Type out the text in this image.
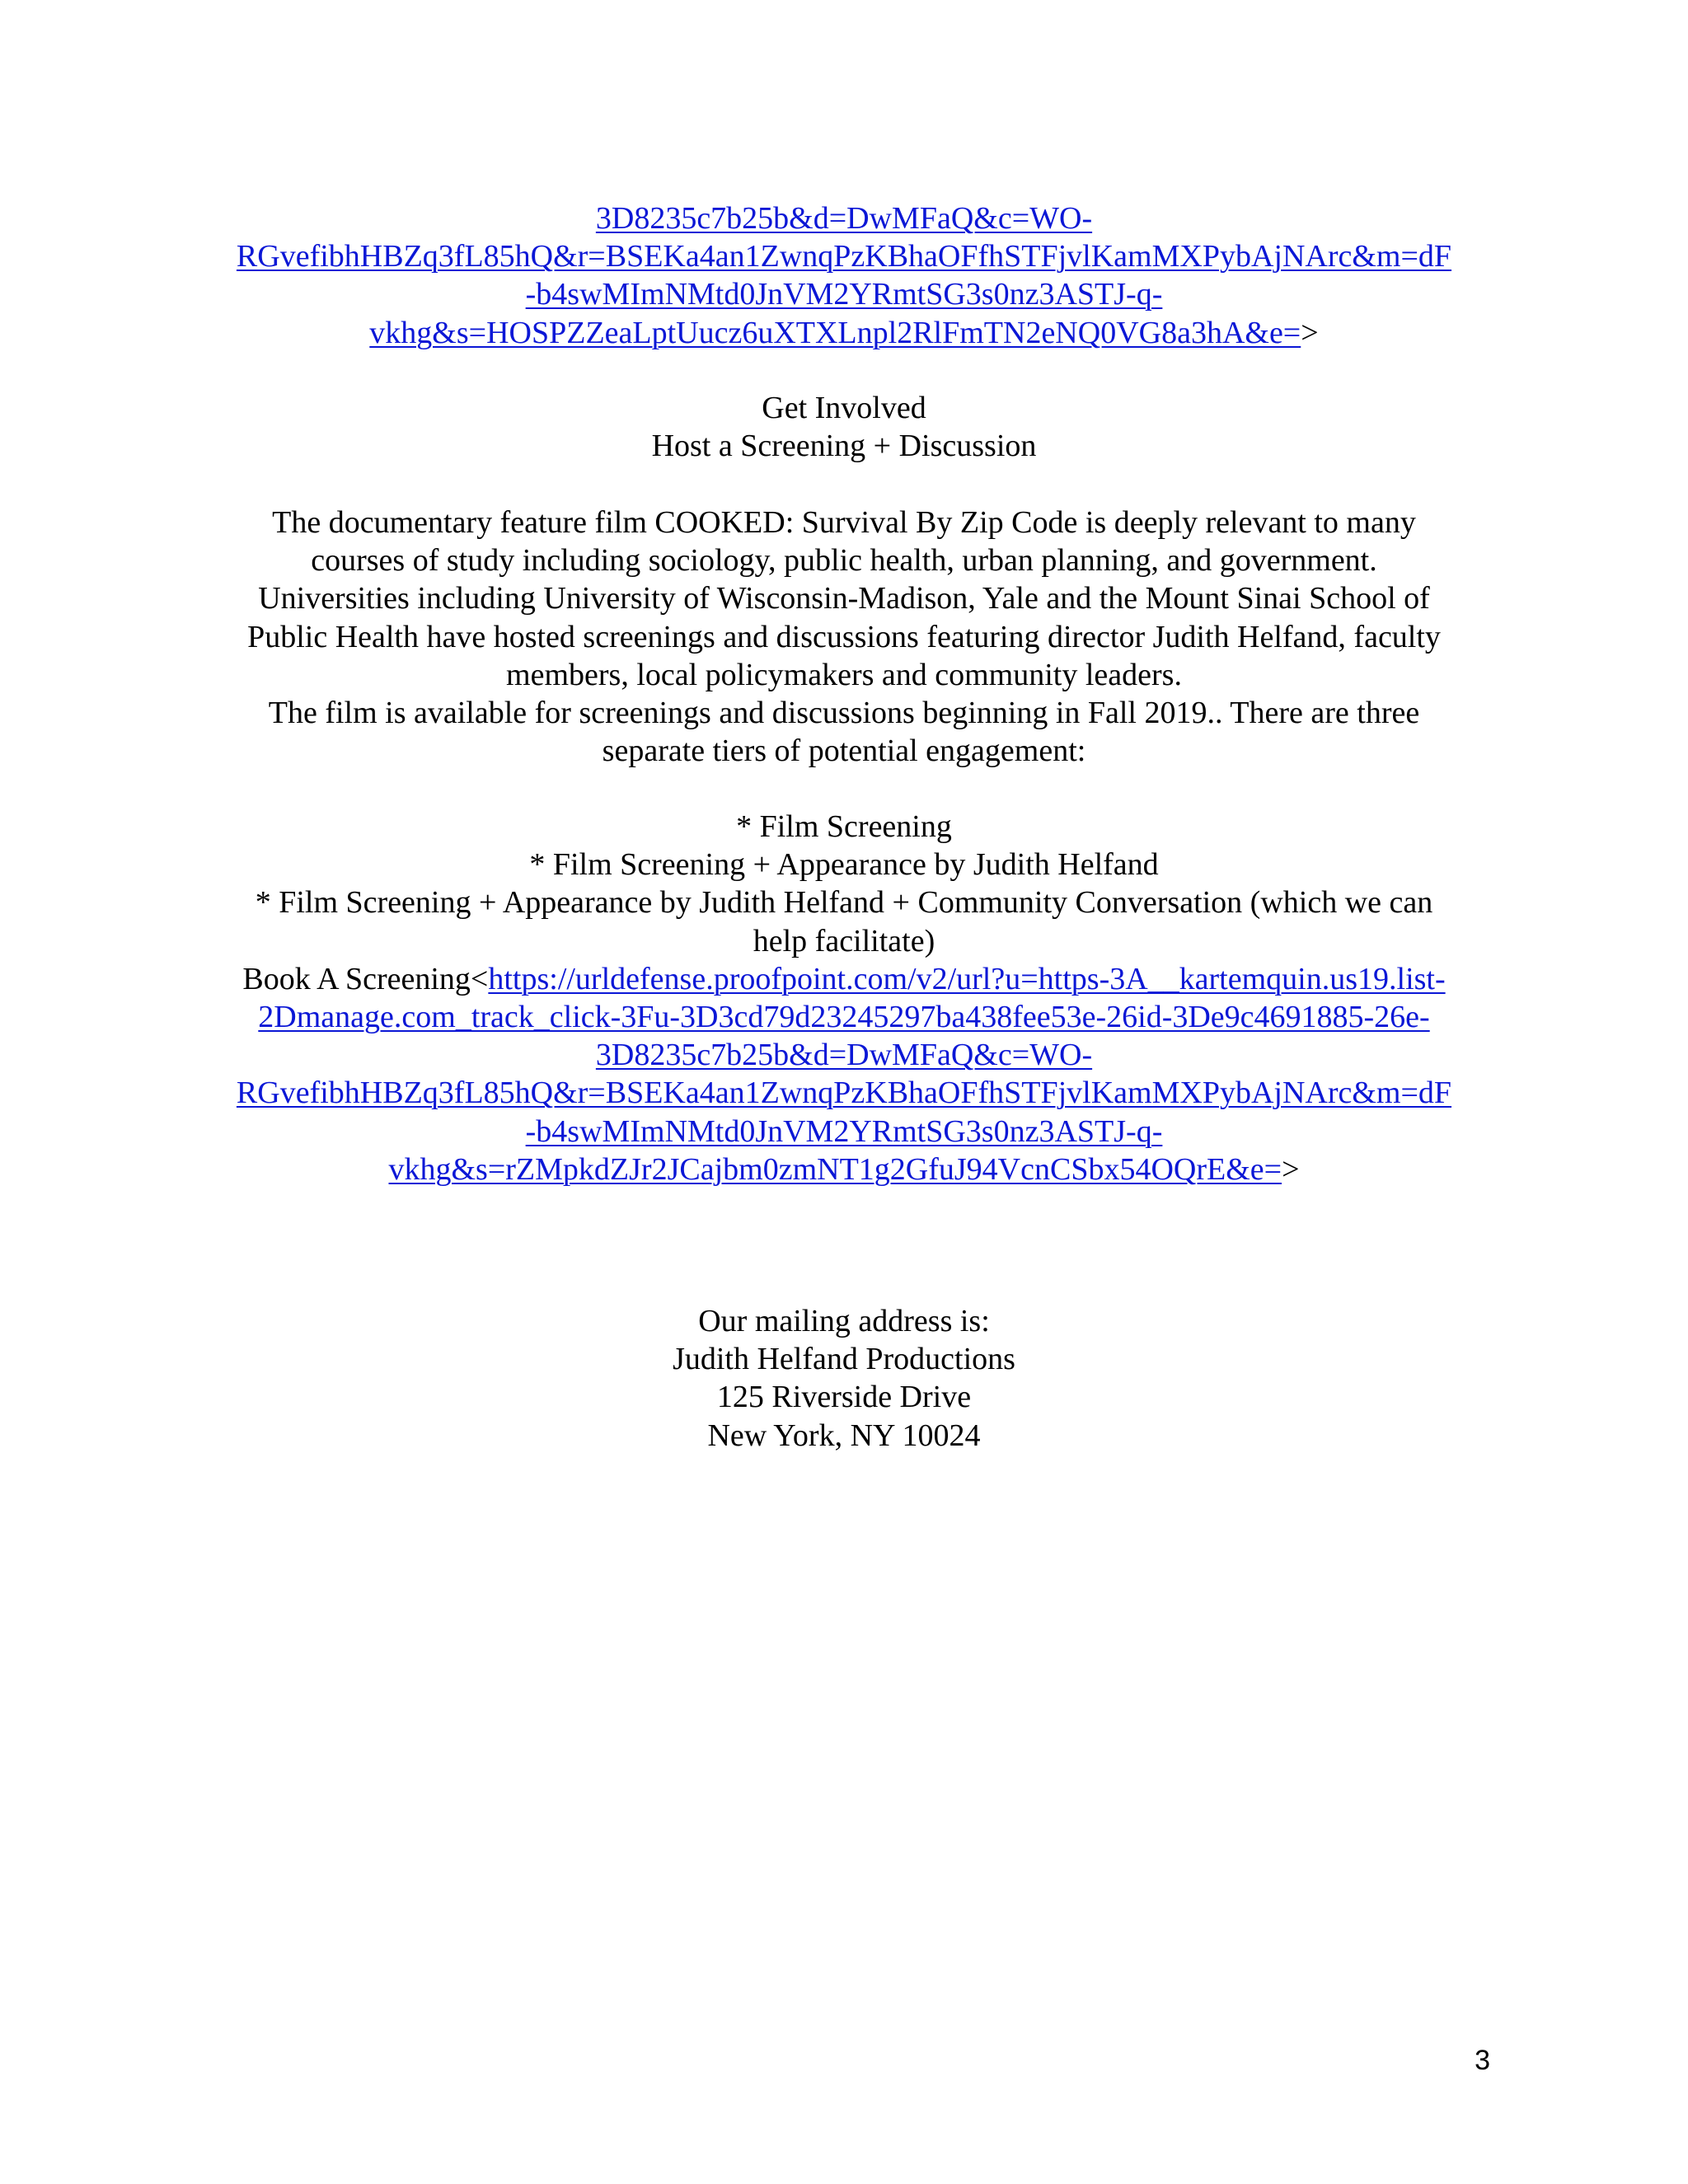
3D8235c7b25b&d=DwMFaQ&c=WO-
RGvefibhHBZq3fL85hQ&r=BSEKa4an1ZwnqPzKBhaOFfhSTFjvlKamMXPybAjNArc&m=dF
-b4swMImNMtd0JnVM2YRmtSG3s0nz3ASTJ-q-
vkhg&s=HOSPZZeaLptUucz6uXTXLnpl2RlFmTN2eNQ0VG8a3hA&e=>
Get Involved
Host a Screening + Discussion
The documentary feature film COOKED: Survival By Zip Code is deeply relevant to many
courses of study including sociology, public health, urban planning, and government.
Universities including University of Wisconsin-Madison, Yale and the Mount Sinai School of
Public Health have hosted screenings and discussions featuring director Judith Helfand, faculty
members, local policymakers and community leaders.
The film is available for screenings and discussions beginning in Fall 2019.. There are three
separate tiers of potential engagement:
* Film Screening
* Film Screening + Appearance by Judith Helfand
* Film Screening + Appearance by Judith Helfand + Community Conversation (which we can
help facilitate)
Book A Screening<https://urldefense.proofpoint.com/v2/url?u=https-3A__kartemquin.us19.list-
2Dmanage.com_track_click-3Fu-3D3cd79d23245297ba438fee53e-26id-3De9c4691885-26e-
3D8235c7b25b&d=DwMFaQ&c=WO-
RGvefibhHBZq3fL85hQ&r=BSEKa4an1ZwnqPzKBhaOFfhSTFjvlKamMXPybAjNArc&m=dF
-b4swMImNMtd0JnVM2YRmtSG3s0nz3ASTJ-q-
vkhg&s=rZMpkdZJr2JCajbm0zmNT1g2GfuJ94VcnCSbx54OQrE&e=>
Our mailing address is:
Judith Helfand Productions
125 Riverside Drive
New York, NY 10024
3
